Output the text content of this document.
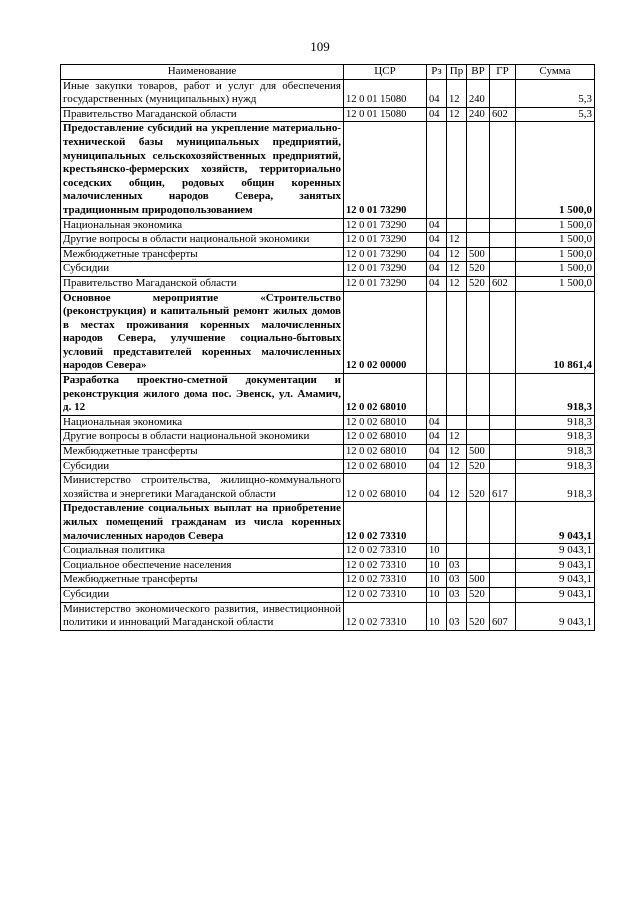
109
Наименование	ЦСР	Рз	Пр	ВР	ГР	Сумма
Иные закупки товаров, работ и услуг для обеспечения государственных (муниципальных) нужд	12 0 01 15080	04	12	240		5,3
Правительство Магаданской области	12 0 01 15080	04	12	240	602	5,3
Предоставление субсидий на укрепление материально-технической базы муниципальных предприятий, муниципальных сельскохозяйственных предприятий, крестьянско-фермерских хозяйств, территориально соседских общин, родовых общин коренных малочисленных народов Севера, занятых традиционным природопользованием	12 0 01 73290					1 500,0
Национальная экономика	12 0 01 73290	04				1 500,0
Другие вопросы в области национальной экономики	12 0 01 73290	04	12			1 500,0
Межбюджетные трансферты	12 0 01 73290	04	12	500		1 500,0
Субсидии	12 0 01 73290	04	12	520		1 500,0
Правительство Магаданской области	12 0 01 73290	04	12	520	602	1 500,0
Основное мероприятие «Строительство (реконструкция) и капитальный ремонт жилых домов в местах проживания коренных малочисленных народов Севера, улучшение социально-бытовых условий представителей коренных малочисленных народов Севера»	12 0 02 00000					10 861,4
Разработка проектно-сметной документации и реконструкция жилого дома пос. Эвенск, ул. Амамич, д. 12	12 0 02 68010					918,3
Национальная экономика	12 0 02 68010	04				918,3
Другие вопросы в области национальной экономики	12 0 02 68010	04	12			918,3
Межбюджетные трансферты	12 0 02 68010	04	12	500		918,3
Субсидии	12 0 02 68010	04	12	520		918,3
Министерство строительства, жилищно-коммунального хозяйства и энергетики Магаданской области	12 0 02 68010	04	12	520	617	918,3
Предоставление социальных выплат на приобретение жилых помещений гражданам из числа коренных малочисленных народов Севера	12 0 02 73310					9 043,1
Социальная политика	12 0 02 73310	10				9 043,1
Социальное обеспечение населения	12 0 02 73310	10	03			9 043,1
Межбюджетные трансферты	12 0 02 73310	10	03	500		9 043,1
Субсидии	12 0 02 73310	10	03	520		9 043,1
Министерство экономического развития, инвестиционной политики и инноваций Магаданской области	12 0 02 73310	10	03	520	607	9 043,1
